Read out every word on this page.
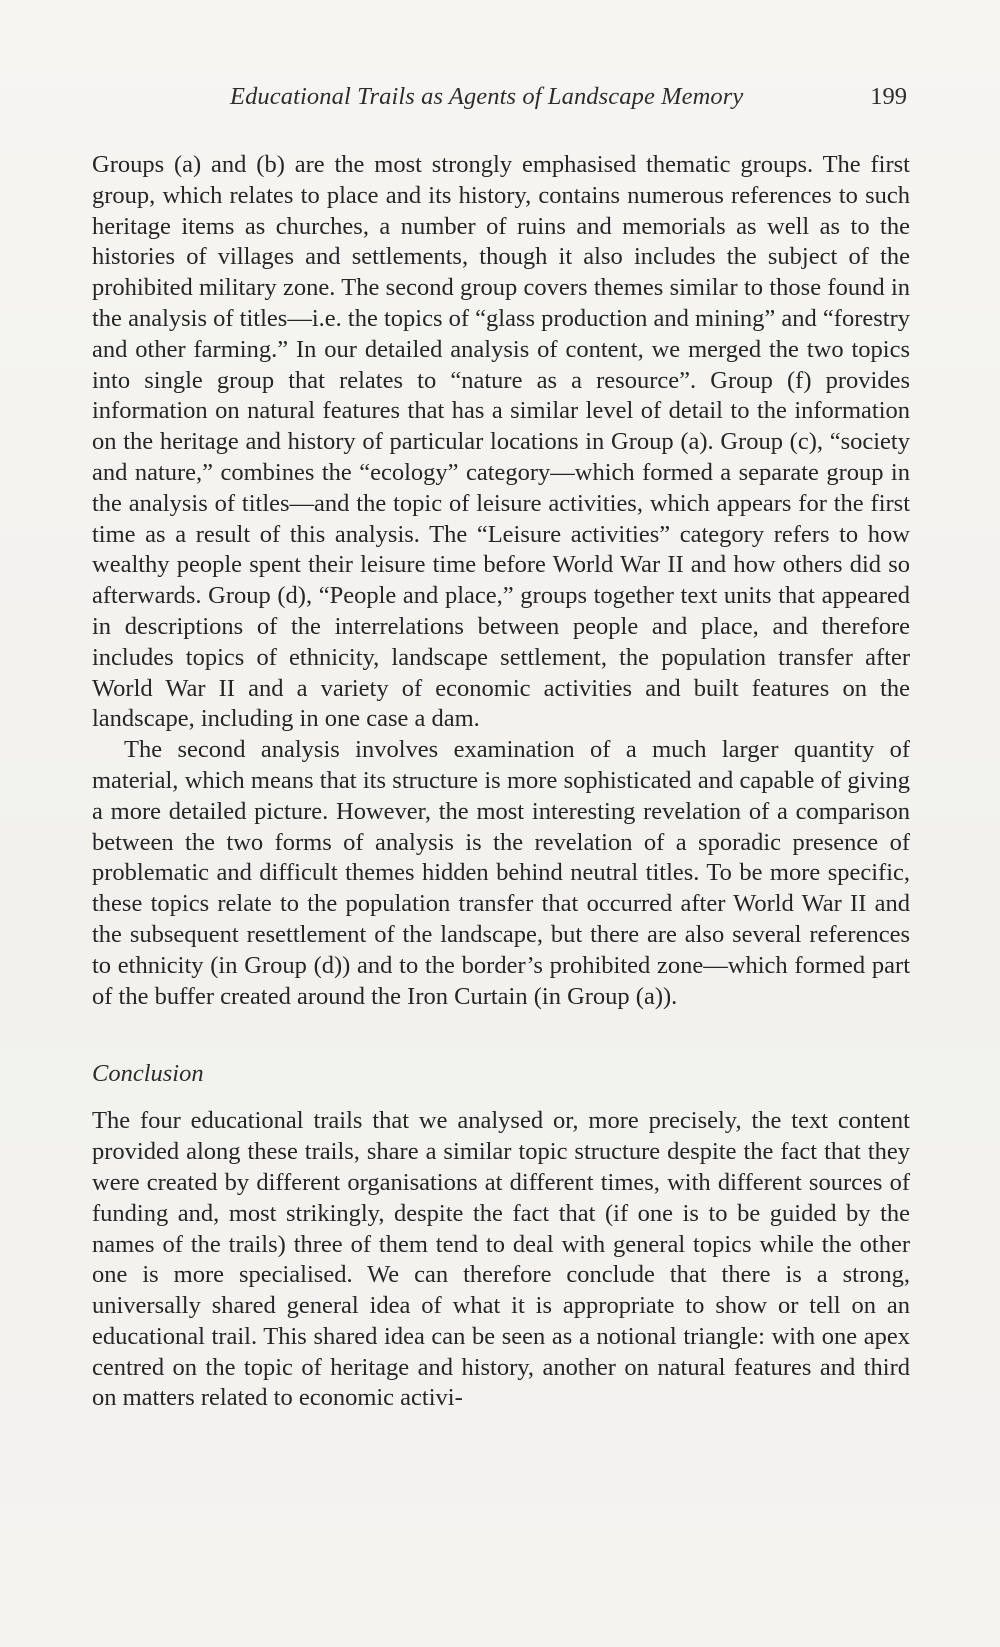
Educational Trails as Agents of Landscape Memory	199

Groups (a) and (b) are the most strongly emphasised thematic groups. The first group, which relates to place and its history, contains numerous references to such heritage items as churches, a number of ruins and memorials as well as to the histories of villages and settlements, though it also includes the subject of the prohibited military zone. The second group covers themes similar to those found in the analysis of titles—i.e. the topics of “glass production and mining” and “forestry and other farming.” In our detailed analysis of content, we merged the two topics into single group that relates to “nature as a resource”. Group (f) provides information on natural features that has a similar level of detail to the information on the heritage and history of particular locations in Group (a). Group (c), “society and nature,” combines the “ecology” category—which formed a separate group in the analysis of titles—and the topic of leisure activities, which appears for the first time as a result of this analysis. The “Leisure activities” category refers to how wealthy people spent their leisure time before World War II and how others did so afterwards. Group (d), “People and place,” groups together text units that appeared in descriptions of the interrelations between people and place, and therefore includes topics of ethnicity, landscape settlement, the population transfer after World War II and a variety of economic activities and built features on the landscape, including in one case a dam.

The second analysis involves examination of a much larger quantity of material, which means that its structure is more sophisticated and capable of giving a more detailed picture. However, the most interesting revelation of a comparison between the two forms of analysis is the revelation of a sporadic presence of problematic and difficult themes hidden behind neutral titles. To be more specific, these topics relate to the population transfer that occurred after World War II and the subsequent resettlement of the landscape, but there are also several references to ethnicity (in Group (d)) and to the border’s prohibited zone—which formed part of the buffer created around the Iron Curtain (in Group (a)).

Conclusion

The four educational trails that we analysed or, more precisely, the text content provided along these trails, share a similar topic structure despite the fact that they were created by different organisations at different times, with different sources of funding and, most strikingly, despite the fact that (if one is to be guided by the names of the trails) three of them tend to deal with general topics while the other one is more specialised. We can therefore conclude that there is a strong, universally shared general idea of what it is appropriate to show or tell on an educational trail. This shared idea can be seen as a notional triangle: with one apex centred on the topic of heritage and history, another on natural features and third on matters related to economic activi-
